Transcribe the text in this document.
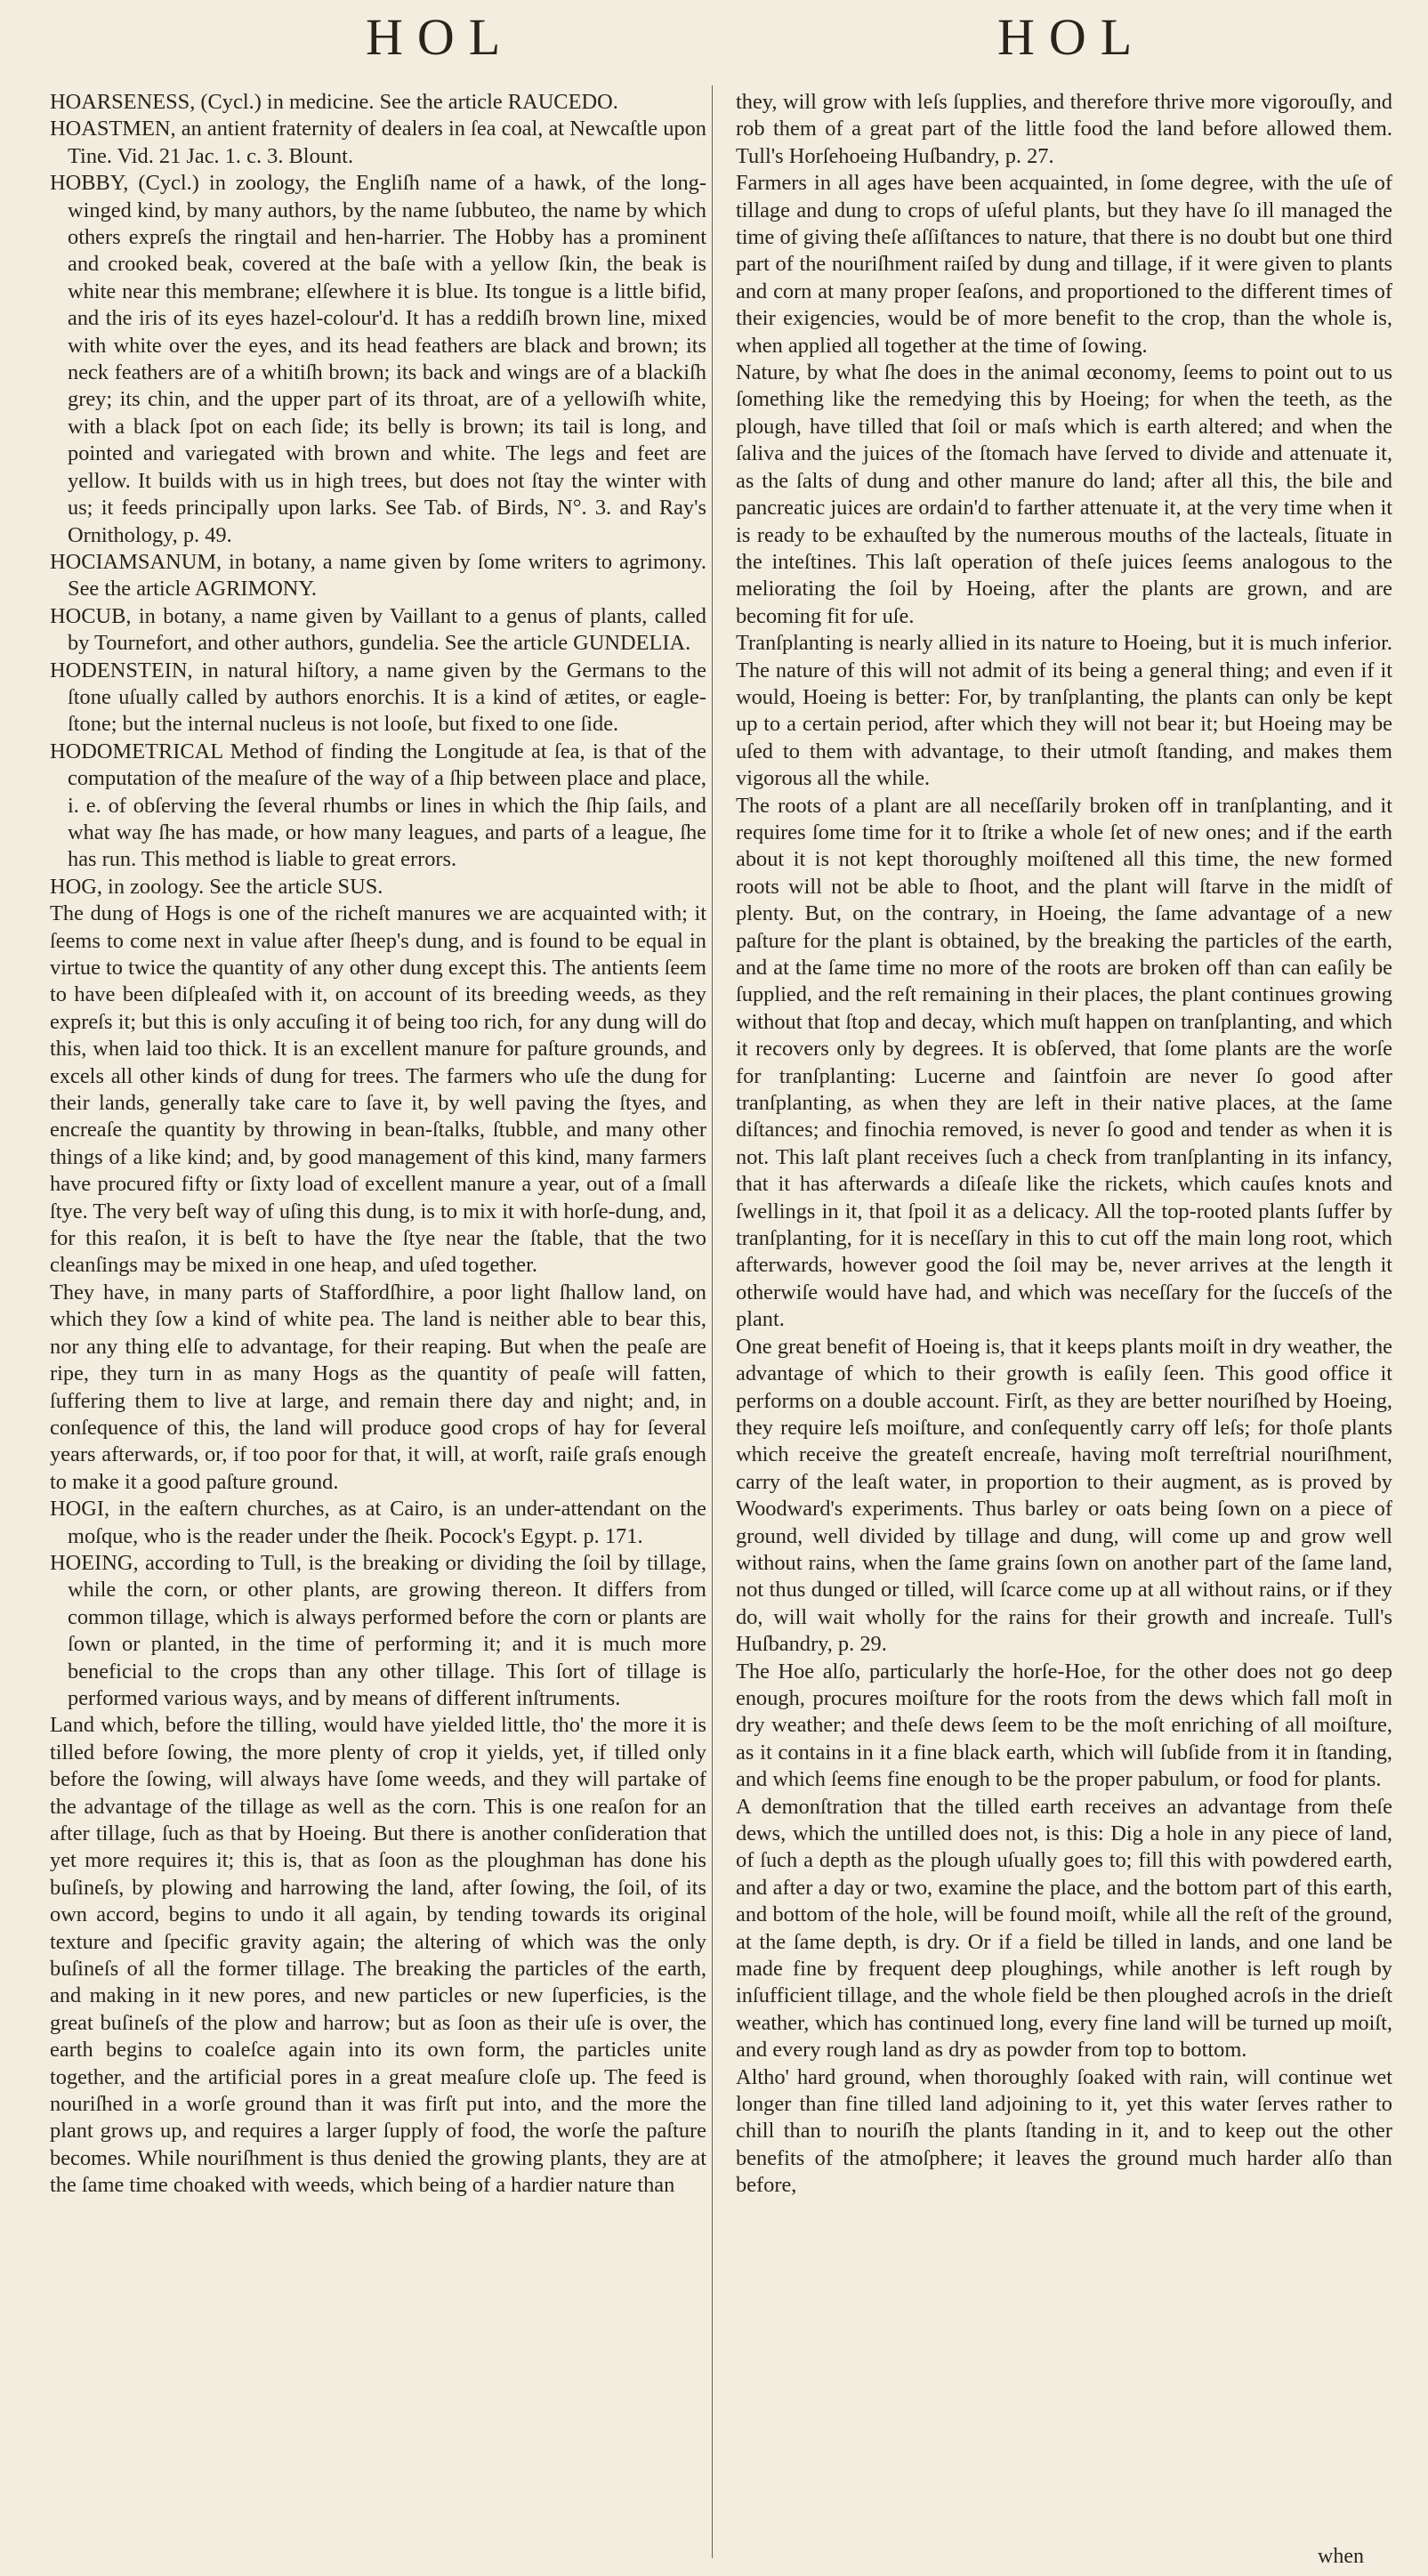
HOL	HOL

HOARSENESS, (Cycl.) in medicine. See the article RAUCEDO.

HOASTMEN, an antient fraternity of dealers in ſea coal, at Newcaſtle upon Tine. Vid. 21 Jac. 1. c. 3. Blount.

HOBBY, (Cycl.) in zoology, the Engliſh name of a hawk, of the long-winged kind, by many authors, by the name ſubbuteo, the name by which others expreſs the ringtail and hen-harrier. The Hobby has a prominent and crooked beak, covered at the baſe with a yellow ſkin, the beak is white near this membrane; elſewhere it is blue. Its tongue is a little bifid, and the iris of its eyes hazel-colour'd. It has a reddiſh brown line, mixed with white over the eyes, and its head feathers are black and brown; its neck feathers are of a whitiſh brown; its back and wings are of a blackiſh grey; its chin, and the upper part of its throat, are of a yellowiſh white, with a black ſpot on each ſide; its belly is brown; its tail is long, and pointed and variegated with brown and white. The legs and feet are yellow. It builds with us in high trees, but does not ſtay the winter with us; it feeds principally upon larks. See Tab. of Birds, N°. 3. and Ray's Ornithology, p. 49.

HOCIAMSANUM, in botany, a name given by ſome writers to agrimony. See the article AGRIMONY.

HOCUB, in botany, a name given by Vaillant to a genus of plants, called by Tournefort, and other authors, gundelia. See the article GUNDELIA.

HODENSTEIN, in natural hiſtory, a name given by the Germans to the ſtone uſually called by authors enorchis. It is a kind of ætites, or eagle-ſtone; but the internal nucleus is not looſe, but fixed to one ſide.

HODOMETRICAL Method of finding the Longitude at ſea, is that of the computation of the meaſure of the way of a ſhip between place and place, i. e. of obſerving the ſeveral rhumbs or lines in which the ſhip ſails, and what way ſhe has made, or how many leagues, and parts of a league, ſhe has run. This method is liable to great errors.

HOG, in zoology. See the article SUS.

The dung of Hogs is one of the richeſt manures we are acquainted with; it ſeems to come next in value after ſheep's dung, and is found to be equal in virtue to twice the quantity of any other dung except this. The antients ſeem to have been diſpleaſed with it, on account of its breeding weeds, as they expreſs it; but this is only accuſing it of being too rich, for any dung will do this, when laid too thick. It is an excellent manure for paſture grounds, and excels all other kinds of dung for trees. The farmers who uſe the dung for their lands, generally take care to ſave it, by well paving the ſtyes, and encreaſe the quantity by throwing in bean-ſtalks, ſtubble, and many other things of a like kind; and, by good management of this kind, many farmers have procured fifty or ſixty load of excellent manure a year, out of a ſmall ſtye. The very beſt way of uſing this dung, is to mix it with horſe-dung, and, for this reaſon, it is beſt to have the ſtye near the ſtable, that the two cleanſings may be mixed in one heap, and uſed together.

They have, in many parts of Staffordſhire, a poor light ſhallow land, on which they ſow a kind of white pea. The land is neither able to bear this, nor any thing elſe to advantage, for their reaping. But when the peaſe are ripe, they turn in as many Hogs as the quantity of peaſe will fatten, ſuffering them to live at large, and remain there day and night; and, in conſequence of this, the land will produce good crops of hay for ſeveral years afterwards, or, if too poor for that, it will, at worſt, raiſe graſs enough to make it a good paſture ground.

HOGI, in the eaſtern churches, as at Cairo, is an under-attendant on the moſque, who is the reader under the ſheik. Pocock's Egypt. p. 171.

HOEING, according to Tull, is the breaking or dividing the ſoil by tillage, while the corn, or other plants, are growing thereon. It differs from common tillage, which is always performed before the corn or plants are ſown or planted, in the time of performing it; and it is much more beneficial to the crops than any other tillage. This ſort of tillage is performed various ways, and by means of different inſtruments.

Land which, before the tilling, would have yielded little, tho' the more it is tilled before ſowing, the more plenty of crop it yields, yet, if tilled only before the ſowing, will always have ſome weeds, and they will partake of the advantage of the tillage as well as the corn. This is one reaſon for an after tillage, ſuch as that by Hoeing. But there is another conſideration that yet more requires it; this is, that as ſoon as the ploughman has done his buſineſs, by plowing and harrowing the land, after ſowing, the ſoil, of its own accord, begins to undo it all again, by tending towards its original texture and ſpecific gravity again; the altering of which was the only buſineſs of all the former tillage. The breaking the particles of the earth, and making in it new pores, and new particles or new ſuperficies, is the great buſineſs of the plow and harrow; but as ſoon as their uſe is over, the earth begins to coaleſce again into its own form, the particles unite together, and the artificial pores in a great meaſure cloſe up. The feed is nouriſhed in a worſe ground than it was firſt put into, and the more the plant grows up, and requires a larger ſupply of food, the worſe the paſture becomes. While nouriſhment is thus denied the growing plants, they are at the ſame time choaked with weeds, which being of a hardier nature than

they, will grow with leſs ſupplies, and therefore thrive more vigorouſly, and rob them of a great part of the little food the land before allowed them. Tull's Horſehoeing Huſbandry, p. 27.

Farmers in all ages have been acquainted, in ſome degree, with the uſe of tillage and dung to crops of uſeful plants, but they have ſo ill managed the time of giving theſe aſſiſtances to nature, that there is no doubt but one third part of the nouriſhment raiſed by dung and tillage, if it were given to plants and corn at many proper ſeaſons, and proportioned to the different times of their exigencies, would be of more benefit to the crop, than the whole is, when applied all together at the time of ſowing.

Nature, by what ſhe does in the animal œconomy, ſeems to point out to us ſomething like the remedying this by Hoeing; for when the teeth, as the plough, have tilled that ſoil or maſs which is earth altered; and when the ſaliva and the juices of the ſtomach have ſerved to divide and attenuate it, as the ſalts of dung and other manure do land; after all this, the bile and pancreatic juices are ordain'd to farther attenuate it, at the very time when it is ready to be exhauſted by the numerous mouths of the lacteals, ſituate in the inteſtines. This laſt operation of theſe juices ſeems analogous to the meliorating the ſoil by Hoeing, after the plants are grown, and are becoming fit for uſe.

Tranſplanting is nearly allied in its nature to Hoeing, but it is much inferior. The nature of this will not admit of its being a general thing; and even if it would, Hoeing is better: For, by tranſplanting, the plants can only be kept up to a certain period, after which they will not bear it; but Hoeing may be uſed to them with advantage, to their utmoſt ſtanding, and makes them vigorous all the while.

The roots of a plant are all neceſſarily broken off in tranſplanting, and it requires ſome time for it to ſtrike a whole ſet of new ones; and if the earth about it is not kept thoroughly moiſtened all this time, the new formed roots will not be able to ſhoot, and the plant will ſtarve in the midſt of plenty. But, on the contrary, in Hoeing, the ſame advantage of a new paſture for the plant is obtained, by the breaking the particles of the earth, and at the ſame time no more of the roots are broken off than can eaſily be ſupplied, and the reſt remaining in their places, the plant continues growing without that ſtop and decay, which muſt happen on tranſplanting, and which it recovers only by degrees. It is obſerved, that ſome plants are the worſe for tranſplanting: Lucerne and ſaintfoin are never ſo good after tranſplanting, as when they are left in their native places, at the ſame diſtances; and finochia removed, is never ſo good and tender as when it is not. This laſt plant receives ſuch a check from tranſplanting in its infancy, that it has afterwards a diſeaſe like the rickets, which cauſes knots and ſwellings in it, that ſpoil it as a delicacy. All the top-rooted plants ſuffer by tranſplanting, for it is neceſſary in this to cut off the main long root, which afterwards, however good the ſoil may be, never arrives at the length it otherwiſe would have had, and which was neceſſary for the ſucceſs of the plant.

One great benefit of Hoeing is, that it keeps plants moiſt in dry weather, the advantage of which to their growth is eaſily ſeen. This good office it performs on a double account. Firſt, as they are better nouriſhed by Hoeing, they require leſs moiſture, and conſequently carry off leſs; for thoſe plants which receive the greateſt encreaſe, having moſt terreſtrial nouriſhment, carry of the leaſt water, in proportion to their augment, as is proved by Woodward's experiments. Thus barley or oats being ſown on a piece of ground, well divided by tillage and dung, will come up and grow well without rains, when the ſame grains ſown on another part of the ſame land, not thus dunged or tilled, will ſcarce come up at all without rains, or if they do, will wait wholly for the rains for their growth and increaſe. Tull's Huſbandry, p. 29.

The Hoe alſo, particularly the horſe-Hoe, for the other does not go deep enough, procures moiſture for the roots from the dews which fall moſt in dry weather; and theſe dews ſeem to be the moſt enriching of all moiſture, as it contains in it a fine black earth, which will ſubſide from it in ſtanding, and which ſeems fine enough to be the proper pabulum, or food for plants.

A demonſtration that the tilled earth receives an advantage from theſe dews, which the untilled does not, is this: Dig a hole in any piece of land, of ſuch a depth as the plough uſually goes to; fill this with powdered earth, and after a day or two, examine the place, and the bottom part of this earth, and bottom of the hole, will be found moiſt, while all the reſt of the ground, at the ſame depth, is dry. Or if a field be tilled in lands, and one land be made fine by frequent deep ploughings, while another is left rough by inſufficient tillage, and the whole field be then ploughed acroſs in the drieſt weather, which has continued long, every fine land will be turned up moiſt, and every rough land as dry as powder from top to bottom.

Altho' hard ground, when thoroughly ſoaked with rain, will continue wet longer than fine tilled land adjoining to it, yet this water ſerves rather to chill than to nouriſh the plants ſtanding in it, and to keep out the other benefits of the atmoſphere; it leaves the ground much harder alſo than before,

when
